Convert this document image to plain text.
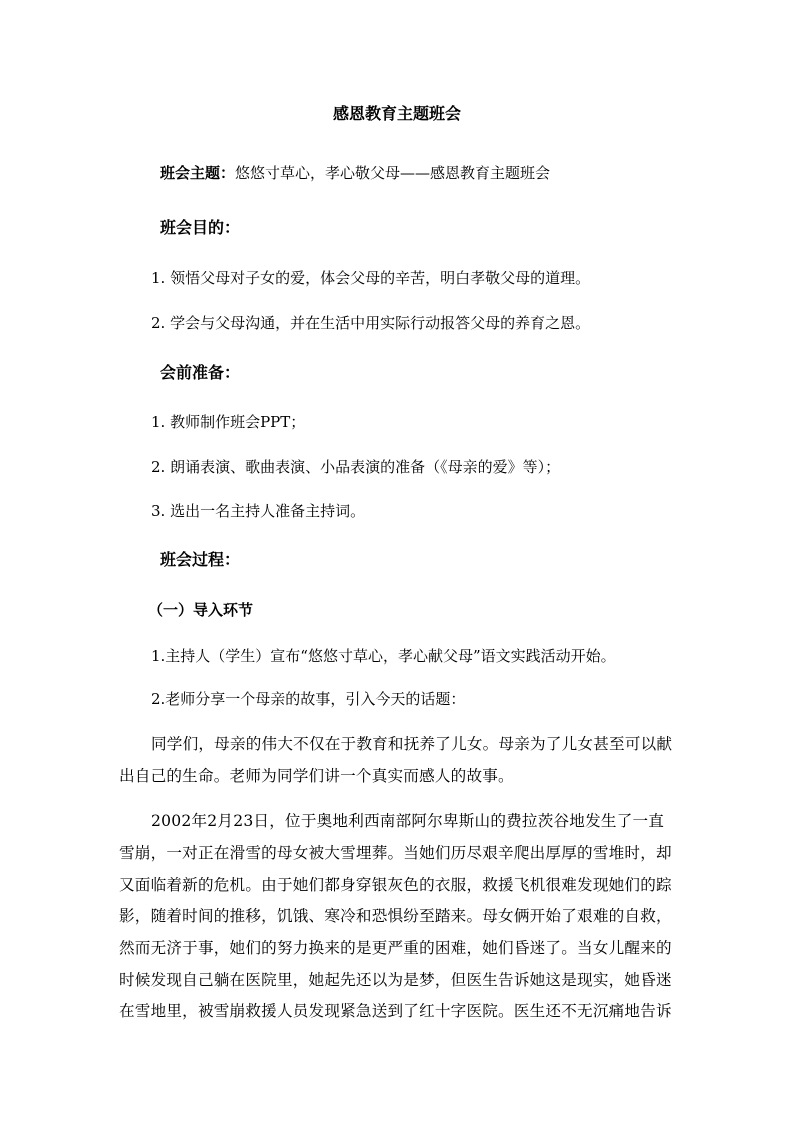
感恩教育主题班会
班会主题：悠悠寸草心，孝心敬父母——感恩教育主题班会
班会目的：
1. 领悟父母对子女的爱，体会父母的辛苦，明白孝敬父母的道理。
2. 学会与父母沟通，并在生活中用实际行动报答父母的养育之恩。
会前准备：
1. 教师制作班会PPT；
2. 朗诵表演、歌曲表演、小品表演的准备（《母亲的爱》等）；
3. 选出一名主持人准备主持词。
班会过程：
（一）导入环节
1.主持人（学生）宣布“悠悠寸草心，孝心献父母”语文实践活动开始。
2.老师分享一个母亲的故事，引入今天的话题：
同学们，母亲的伟大不仅在于教育和抚养了儿女。母亲为了儿女甚至可以献
出自己的生命。老师为同学们讲一个真实而感人的故事。
2002年2月23日，位于奥地利西南部阿尔卑斯山的费拉茨谷地发生了一直
雪崩，一对正在滑雪的母女被大雪埋葬。当她们历尽艰辛爬出厚厚的雪堆时，却
又面临着新的危机。由于她们都身穿银灰色的衣服，救援飞机很难发现她们的踪
影，随着时间的推移，饥饿、寒冷和恐惧纷至踏来。母女俩开始了艰难的自救，
然而无济于事，她们的努力换来的是更严重的困难，她们昏迷了。当女儿醒来的
时候发现自己躺在医院里，她起先还以为是梦，但医生告诉她这是现实，她昏迷
在雪地里，被雪崩救援人员发现紧急送到了红十字医院。医生还不无沉痛地告诉
